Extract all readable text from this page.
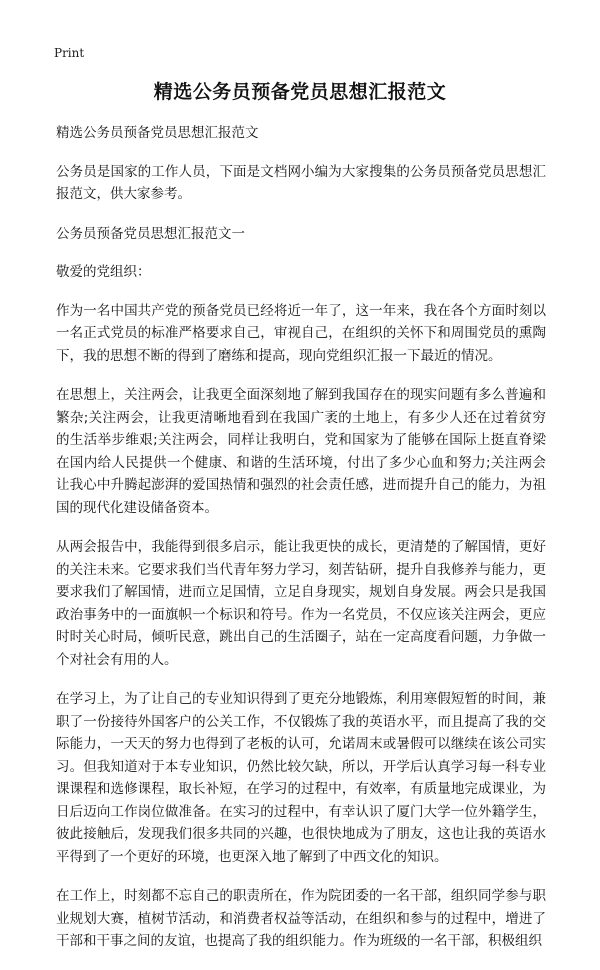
Print
精选公务员预备党员思想汇报范文

精选公务员预备党员思想汇报范文

公务员是国家的工作人员，下面是文档网小编为大家搜集的公务员预备党员思想汇报范文，供大家参考。

公务员预备党员思想汇报范文一

敬爱的党组织：

作为一名中国共产党的预备党员已经将近一年了，这一年来，我在各个方面时刻以一名正式党员的标准严格要求自己，审视自己，在组织的关怀下和周围党员的熏陶下，我的思想不断的得到了磨练和提高，现向党组织汇报一下最近的情况。

在思想上，关注两会，让我更全面深刻地了解到我国存在的现实问题有多么普遍和繁杂;关注两会，让我更清晰地看到在我国广袤的土地上，有多少人还在过着贫穷的生活举步维艰;关注两会，同样让我明白，党和国家为了能够在国际上挺直脊梁在国内给人民提供一个健康、和谐的生活环境，付出了多少心血和努力;关注两会让我心中升腾起澎湃的爱国热情和强烈的社会责任感，进而提升自己的能力，为祖国的现代化建设储备资本。

从两会报告中，我能得到很多启示，能让我更快的成长，更清楚的了解国情，更好的关注未来。它要求我们当代青年努力学习，刻苦钻研，提升自我修养与能力，更要求我们了解国情，进而立足国情，立足自身现实，规划自身发展。两会只是我国政治事务中的一面旗帜一个标识和符号。作为一名党员，不仅应该关注两会，更应时时关心时局，倾听民意，跳出自己的生活圈子，站在一定高度看问题，力争做一个对社会有用的人。

在学习上，为了让自己的专业知识得到了更充分地锻炼，利用寒假短暂的时间，兼职了一份接待外国客户的公关工作，不仅锻炼了我的英语水平，而且提高了我的交际能力，一天天的努力也得到了老板的认可，允诺周末或暑假可以继续在该公司实习。但我知道对于本专业知识，仍然比较欠缺，所以，开学后认真学习每一科专业课课程和选修课程，取长补短，在学习的过程中，有效率，有质量地完成课业，为日后迈向工作岗位做准备。在实习的过程中，有幸认识了厦门大学一位外籍学生，彼此接触后，发现我们很多共同的兴趣，也很快地成为了朋友，这也让我的英语水平得到了一个更好的环境，也更深入地了解到了中西文化的知识。

在工作上，时刻都不忘自己的职责所在，作为院团委的一名干部，组织同学参与职业规划大赛，植树节活动，和消费者权益等活动，在组织和参与的过程中，增进了干部和干事之间的友谊，也提高了我的组织能力。作为班级的一名干部，积极组织
